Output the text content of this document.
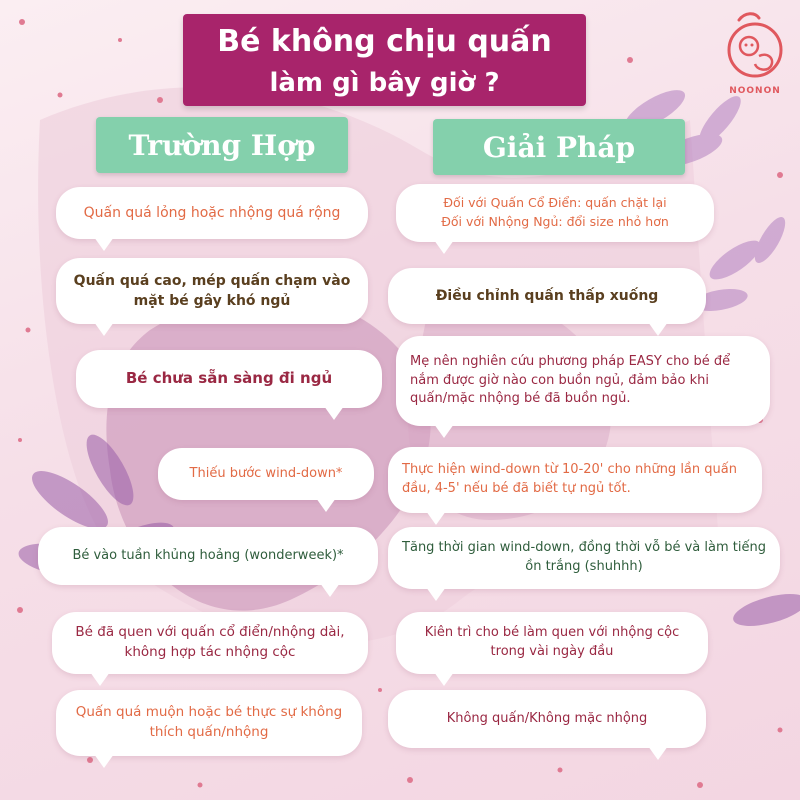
Bé không chịu quấn
làm gì bây giờ ?	NOONON
Trường Hợp	Giải Pháp
Quấn quá lỏng hoặc nhộng quá rộng
Quấn quá cao, mép quấn chạm vào mặt bé gây khó ngủ
Bé chưa sẵn sàng đi ngủ
Thiếu bước wind-down*
Bé vào tuần khủng hoảng (wonderweek)*
Bé đã quen với quấn cổ điển/nhộng dài, không hợp tác nhộng cộc
Quấn quá muộn hoặc bé thực sự không thích quấn/nhộng
Đối với Quấn Cổ Điển: quấn chặt lại
Đối với Nhộng Ngủ: đổi size nhỏ hơn
Điều chỉnh quấn thấp xuống
Mẹ nên nghiên cứu phương pháp EASY cho bé để nắm được giờ nào con buồn ngủ, đảm bảo khi quấn/mặc nhộng bé đã buồn ngủ.
Thực hiện wind-down từ 10-20' cho những lần quấn đầu, 4-5' nếu bé đã biết tự ngủ tốt.
Tăng thời gian wind-down, đồng thời vỗ bé và làm tiếng ồn trắng (shuhhh)
Kiên trì cho bé làm quen với nhộng cộc trong vài ngày đầu
Không quấn/Không mặc nhộng
